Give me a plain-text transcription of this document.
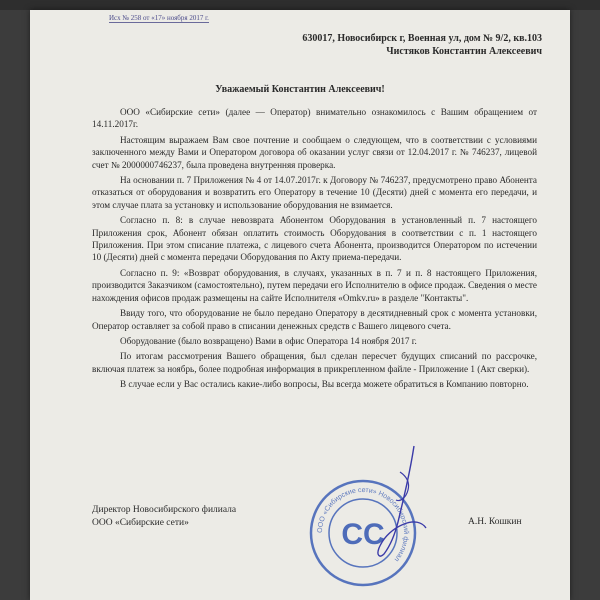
Исх № 258 от «17» ноября 2017 г.
630017, Новосибирск г, Военная ул, дом № 9/2, кв.103
Чистяков Константин Алексеевич
Уважаемый Константин Алексеевич!

ООО «Сибирские сети» (далее — Оператор) внимательно ознакомилось с Вашим обращением от 14.11.2017г.

Настоящим выражаем Вам свое почтение и сообщаем о следующем, что в соответствии с условиями заключенного между Вами и Оператором договора об оказании услуг связи от 12.04.2017 г. № 746237, лицевой счет № 2000000746237, была проведена внутренняя проверка.

На основании п. 7 Приложения № 4 от 14.07.2017г. к Договору № 746237, предусмотрено право Абонента отказаться от оборудования и возвратить его Оператору в течение 10 (Десяти) дней с момента его передачи, и этом случае плата за установку и использование оборудования не взимается.

Согласно п. 8: в случае невозврата Абонентом Оборудования в установленный п. 7 настоящего Приложения срок, Абонент обязан оплатить стоимость Оборудования в соответствии с п. 1 настоящего Приложения. При этом списание платежа, с лицевого счета Абонента, производится Оператором по истечении 10 (Десяти) дней с момента передачи Оборудования по Акту приема-передачи.

Согласно п. 9: «Возврат оборудования, в случаях, указанных в п. 7 и п. 8 настоящего Приложения, производится Заказчиком (самостоятельно), путем передачи его Исполнителю в офисе продаж. Сведения о месте нахождения офисов продаж размещены на сайте Исполнителя «Omkv.ru» в разделе "Контакты".

Ввиду того, что оборудование не было передано Оператору в десятидневный срок с момента установки, Оператор оставляет за собой право в списании денежных средств с Вашего лицевого счета.

Оборудование (было возвращено) Вами в офис Оператора 14 ноября 2017 г.

По итогам рассмотрения Вашего обращения, был сделан пересчет будущих списаний по рассрочке, включая платеж за ноябрь, более подробная информация в прикрепленном файле - Приложение 1 (Акт сверки).

В случае если у Вас остались какие-либо вопросы, Вы всегда можете обратиться в Компанию повторно.

Директор Новосибирского филиала
ООО «Сибирские сети»	А.Н. Кошкин
ООО «Сибирские сети» Новосибирский филиал
СС
